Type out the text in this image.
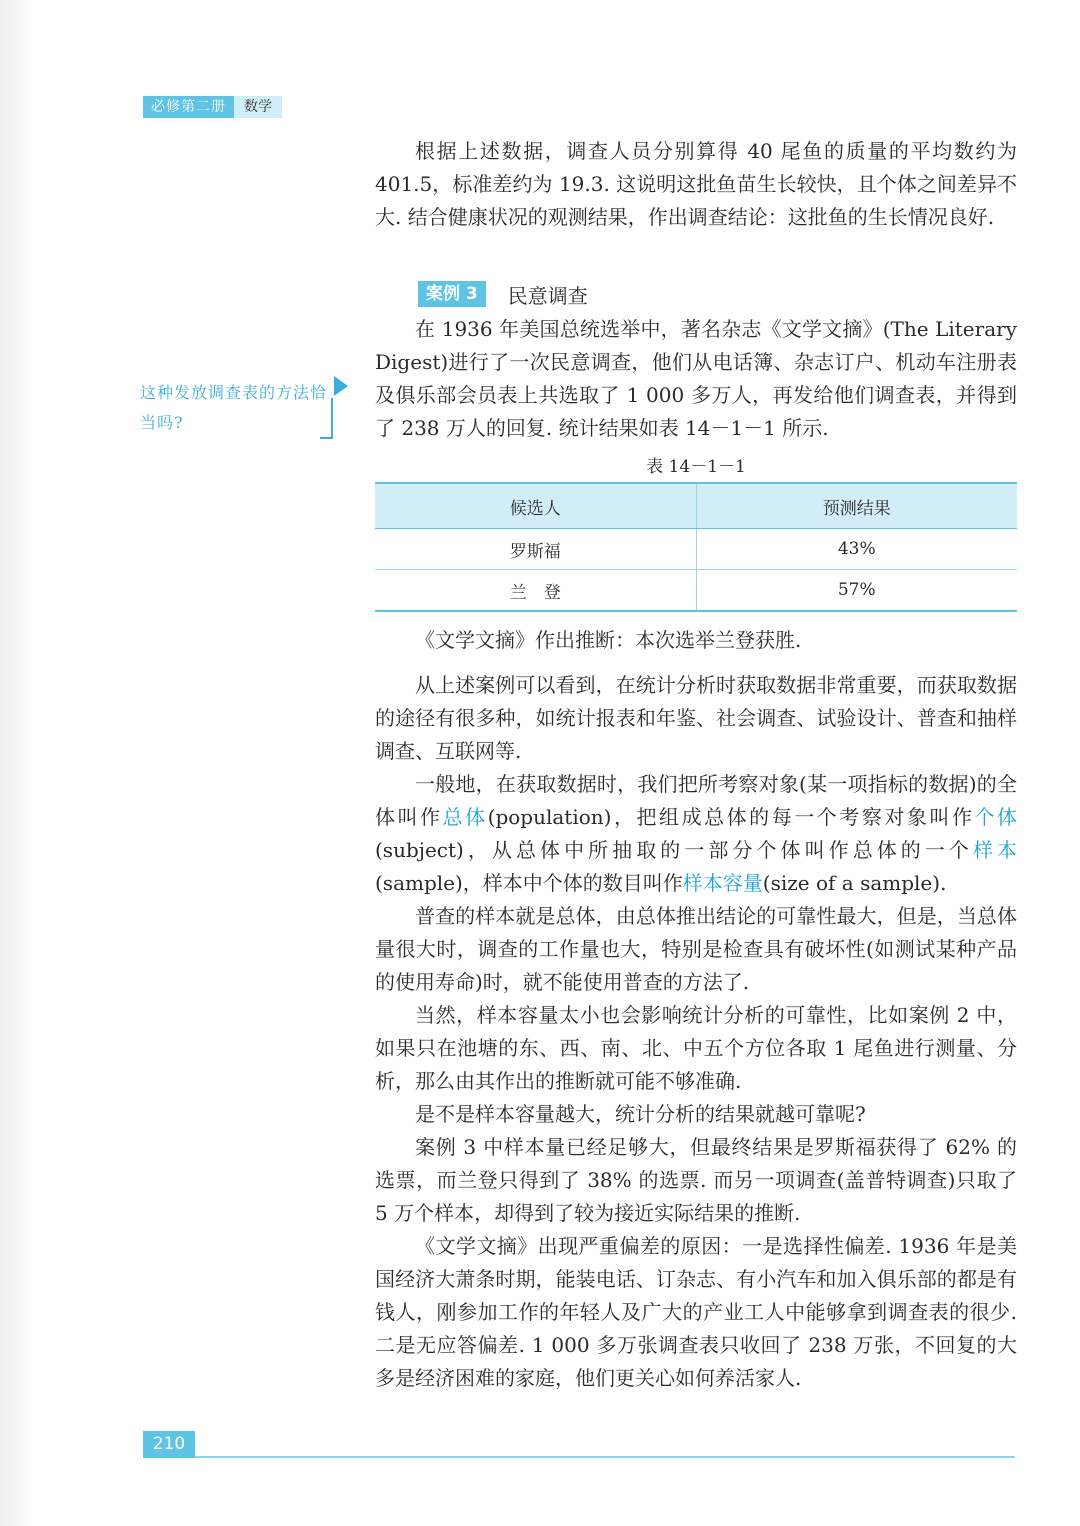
必修第二册	数学

根据上述数据，调查人员分别算得 40 尾鱼的质量的平均数约为 401.5，标准差约为 19.3. 这说明这批鱼苗生长较快，且个体之间差异不大. 结合健康状况的观测结果，作出调查结论：这批鱼的生长情况良好.

案例 3	民意调查

在 1936 年美国总统选举中，著名杂志《文学文摘》(The Literary Digest)进行了一次民意调查，他们从电话簿、杂志订户、机动车注册表及俱乐部会员表上共选取了 1 000 多万人，再发给他们调查表，并得到了 238 万人的回复. 统计结果如表 14－1－1 所示.

这种发放调查表的方法恰当吗?
表 14－1－1
候选人	预测结果
罗斯福	43%
兰　登	57%

《文学文摘》作出推断：本次选举兰登获胜.

从上述案例可以看到，在统计分析时获取数据非常重要，而获取数据的途径有很多种，如统计报表和年鉴、社会调查、试验设计、普查和抽样调查、互联网等.

一般地，在获取数据时，我们把所考察对象(某一项指标的数据)的全体叫作总体(population)，把组成总体的每一个考察对象叫作个体(subject)，从总体中所抽取的一部分个体叫作总体的一个样本(sample)，样本中个体的数目叫作样本容量(size of a sample).

普查的样本就是总体，由总体推出结论的可靠性最大，但是，当总体量很大时，调查的工作量也大，特别是检查具有破坏性(如测试某种产品的使用寿命)时，就不能使用普查的方法了.

当然，样本容量太小也会影响统计分析的可靠性，比如案例 2 中，如果只在池塘的东、西、南、北、中五个方位各取 1 尾鱼进行测量、分析，那么由其作出的推断就可能不够准确.

是不是样本容量越大，统计分析的结果就越可靠呢?

案例 3 中样本量已经足够大，但最终结果是罗斯福获得了 62% 的选票，而兰登只得到了 38% 的选票. 而另一项调查(盖普特调查)只取了 5 万个样本，却得到了较为接近实际结果的推断.

《文学文摘》出现严重偏差的原因：一是选择性偏差. 1936 年是美国经济大萧条时期，能装电话、订杂志、有小汽车和加入俱乐部的都是有钱人，刚参加工作的年轻人及广大的产业工人中能够拿到调查表的很少. 二是无应答偏差. 1 000 多万张调查表只收回了 238 万张，不回复的大多是经济困难的家庭，他们更关心如何养活家人.

210
